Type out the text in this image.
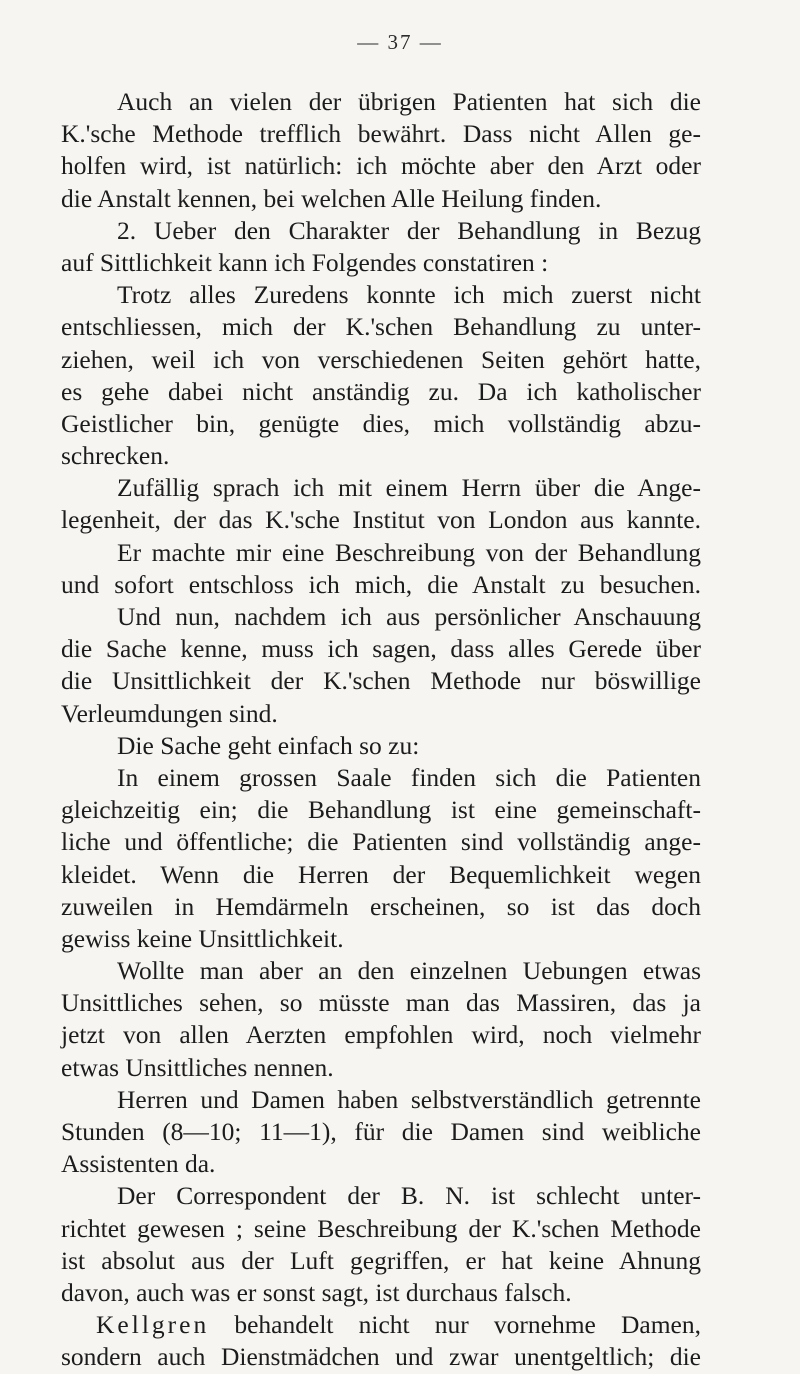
— 37 —
Auch an vielen der übrigen Patienten hat sich die
K.'sche Methode trefflich bewährt. Dass nicht Allen ge-
holfen wird, ist natürlich: ich möchte aber den Arzt oder
die Anstalt kennen, bei welchen Alle Heilung finden.
2. Ueber den Charakter der Behandlung in Bezug
auf Sittlichkeit kann ich Folgendes constatiren :
Trotz alles Zuredens konnte ich mich zuerst nicht
entschliessen, mich der K.'schen Behandlung zu unter-
ziehen, weil ich von verschiedenen Seiten gehört hatte,
es gehe dabei nicht anständig zu. Da ich katholischer
Geistlicher bin, genügte dies, mich vollständig abzu-
schrecken.
Zufällig sprach ich mit einem Herrn über die Ange-
legenheit, der das K.'sche Institut von London aus kannte.
Er machte mir eine Beschreibung von der Behandlung
und sofort entschloss ich mich, die Anstalt zu besuchen.
Und nun, nachdem ich aus persönlicher Anschauung
die Sache kenne, muss ich sagen, dass alles Gerede über
die Unsittlichkeit der K.'schen Methode nur böswillige
Verleumdungen sind.
Die Sache geht einfach so zu:
In einem grossen Saale finden sich die Patienten
gleichzeitig ein; die Behandlung ist eine gemeinschaft-
liche und öffentliche; die Patienten sind vollständig ange-
kleidet. Wenn die Herren der Bequemlichkeit wegen
zuweilen in Hemdärmeln erscheinen, so ist das doch
gewiss keine Unsittlichkeit.
Wollte man aber an den einzelnen Uebungen etwas
Unsittliches sehen, so müsste man das Massiren, das ja
jetzt von allen Aerzten empfohlen wird, noch vielmehr
etwas Unsittliches nennen.
Herren und Damen haben selbstverständlich getrennte
Stunden (8—10; 11—1), für die Damen sind weibliche
Assistenten da.
Der Correspondent der B. N. ist schlecht unter-
richtet gewesen ; seine Beschreibung der K.'schen Methode
ist absolut aus der Luft gegriffen, er hat keine Ahnung
davon, auch was er sonst sagt, ist durchaus falsch.
Kellgren behandelt nicht nur vornehme Damen,
sondern auch Dienstmädchen und zwar unentgeltlich; die
